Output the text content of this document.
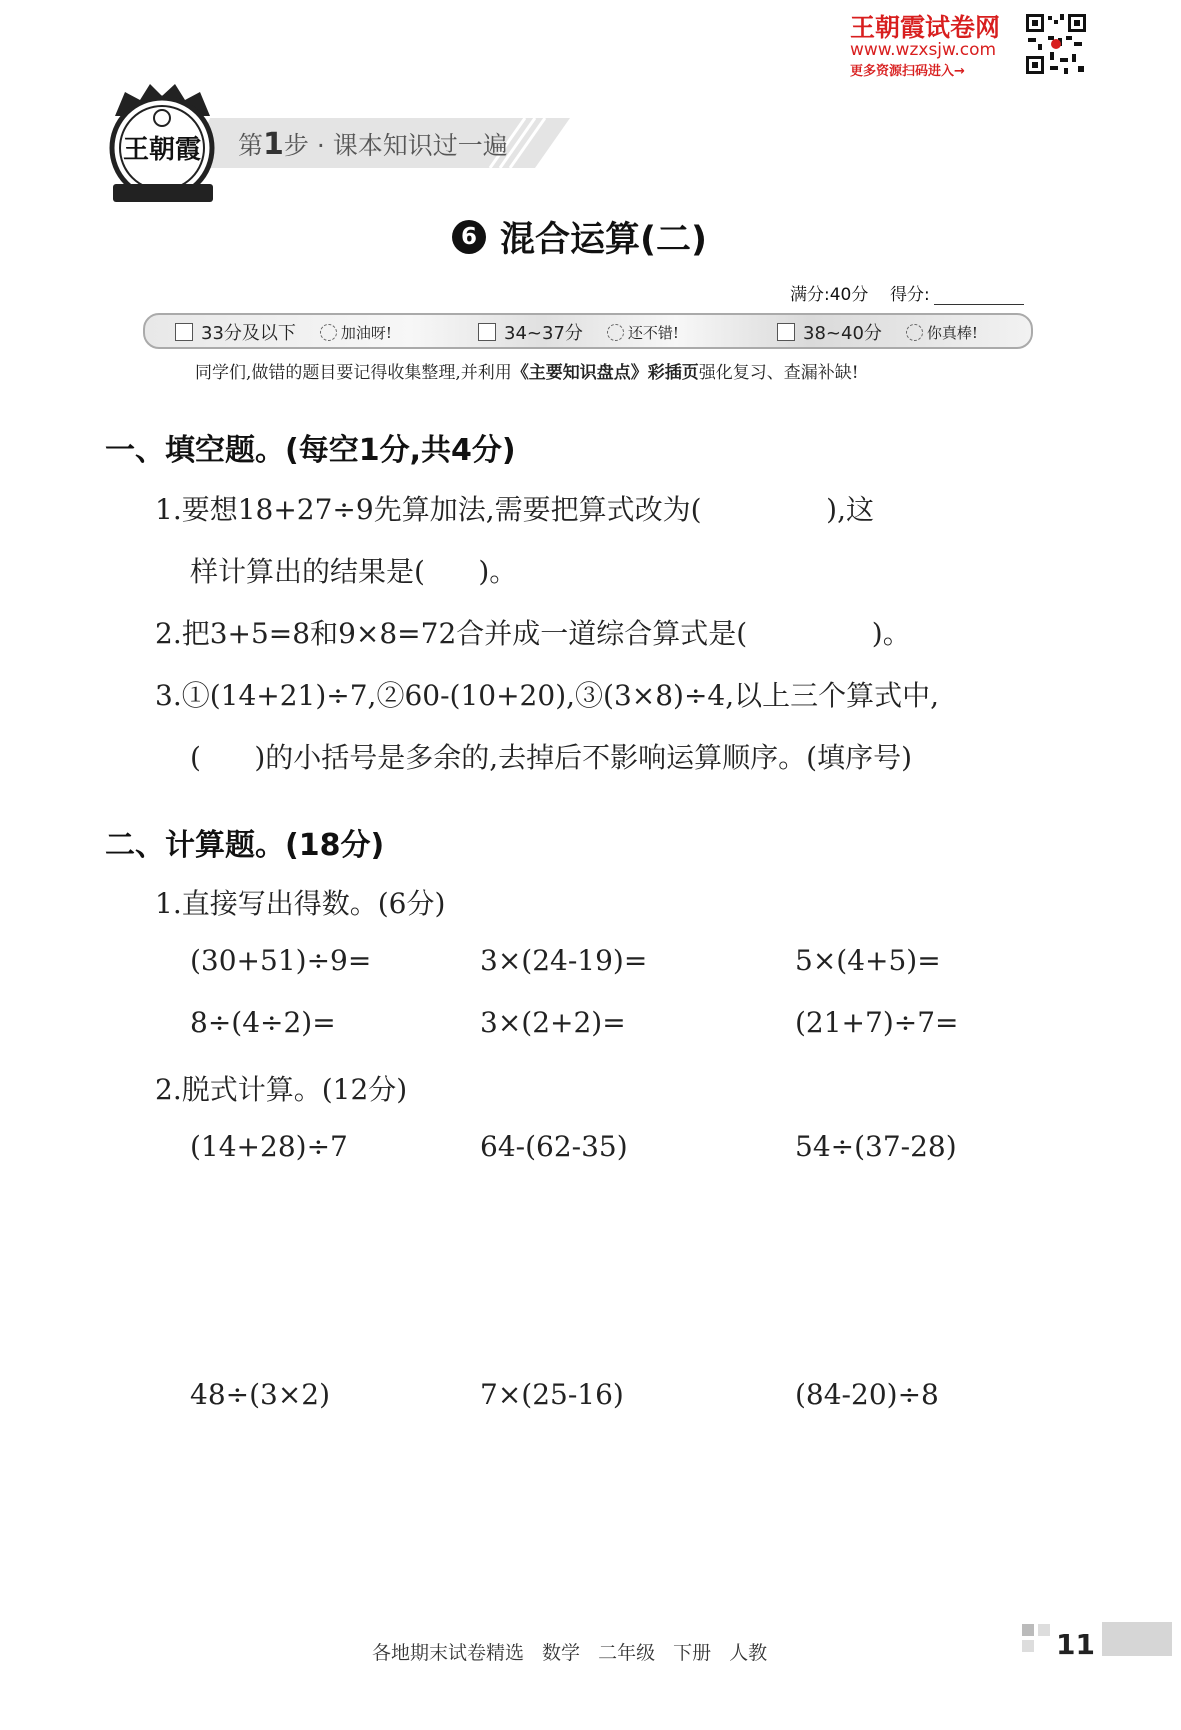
王朝霞试卷网
www.wzxsjw.com
更多资源扫码进入→
第1步 · 课本知识过一遍
王朝霞
6 混合运算(二)
满分:40分 得分:
33分及以下	加油呀!	34~37分	还不错!	38~40分	你真棒!
同学们,做错的题目要记得收集整理,并利用《主要知识盘点》彩插页强化复习、查漏补缺!
一、填空题。(每空1分,共4分)
1.要想18+27÷9先算加法,需要把算式改为(              ),这
样计算出的结果是(      )。
2.把3+5=8和9×8=72合并成一道综合算式是(              )。
3.①(14+21)÷7,②60-(10+20),③(3×8)÷4,以上三个算式中,
(      )的小括号是多余的,去掉后不影响运算顺序。(填序号)
二、计算题。(18分)
1.直接写出得数。(6分)
(30+51)÷9=	3×(24-19)=	5×(4+5)=
8÷(4÷2)=	3×(2+2)=	(21+7)÷7=
2.脱式计算。(12分)
(14+28)÷7	64-(62-35)	54÷(37-28)
48÷(3×2)	7×(25-16)	(84-20)÷8
各地期末试卷精选 数学 二年级 下册 人教	11
